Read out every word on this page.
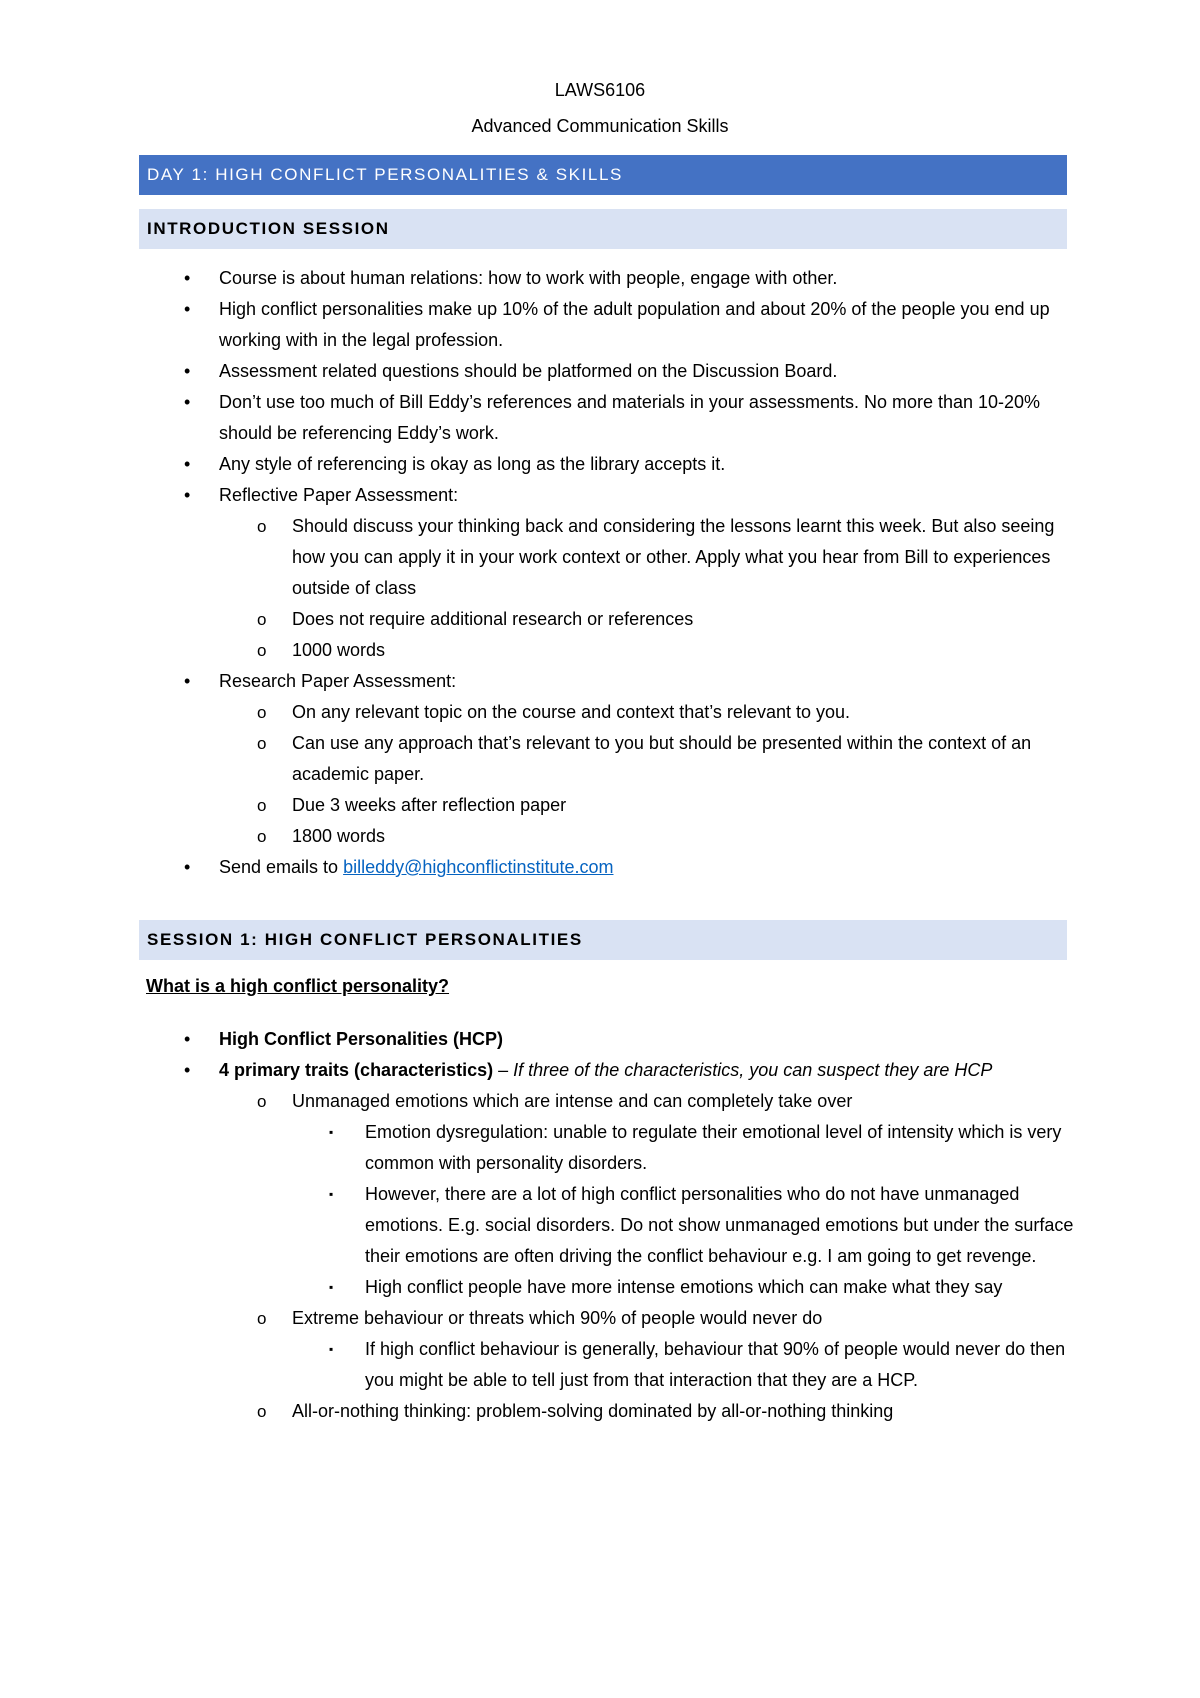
LAWS6106
Advanced Communication Skills
DAY 1: HIGH CONFLICT PERSONALITIES & SKILLS
INTRODUCTION SESSION
• Course is about human relations: how to work with people, engage with other.
• High conflict personalities make up 10% of the adult population and about 20% of the people you end up working with in the legal profession.
• Assessment related questions should be platformed on the Discussion Board.
• Don’t use too much of Bill Eddy’s references and materials in your assessments. No more than 10-20% should be referencing Eddy’s work.
• Any style of referencing is okay as long as the library accepts it.
• Reflective Paper Assessment:
o Should discuss your thinking back and considering the lessons learnt this week. But also seeing how you can apply it in your work context or other. Apply what you hear from Bill to experiences outside of class
o Does not require additional research or references
o 1000 words
• Research Paper Assessment:
o On any relevant topic on the course and context that’s relevant to you.
o Can use any approach that’s relevant to you but should be presented within the context of an academic paper.
o Due 3 weeks after reflection paper
o 1800 words
• Send emails to billeddy@highconflictinstitute.com
SESSION 1: HIGH CONFLICT PERSONALITIES
What is a high conflict personality?
• High Conflict Personalities (HCP)
• 4 primary traits (characteristics) – If three of the characteristics, you can suspect they are HCP
o Unmanaged emotions which are intense and can completely take over
▪ Emotion dysregulation: unable to regulate their emotional level of intensity which is very common with personality disorders.
▪ However, there are a lot of high conflict personalities who do not have unmanaged emotions. E.g. social disorders. Do not show unmanaged emotions but under the surface their emotions are often driving the conflict behaviour e.g. I am going to get revenge.
▪ High conflict people have more intense emotions which can make what they say
o Extreme behaviour or threats which 90% of people would never do
▪ If high conflict behaviour is generally, behaviour that 90% of people would never do then you might be able to tell just from that interaction that they are a HCP.
o All-or-nothing thinking: problem-solving dominated by all-or-nothing thinking
